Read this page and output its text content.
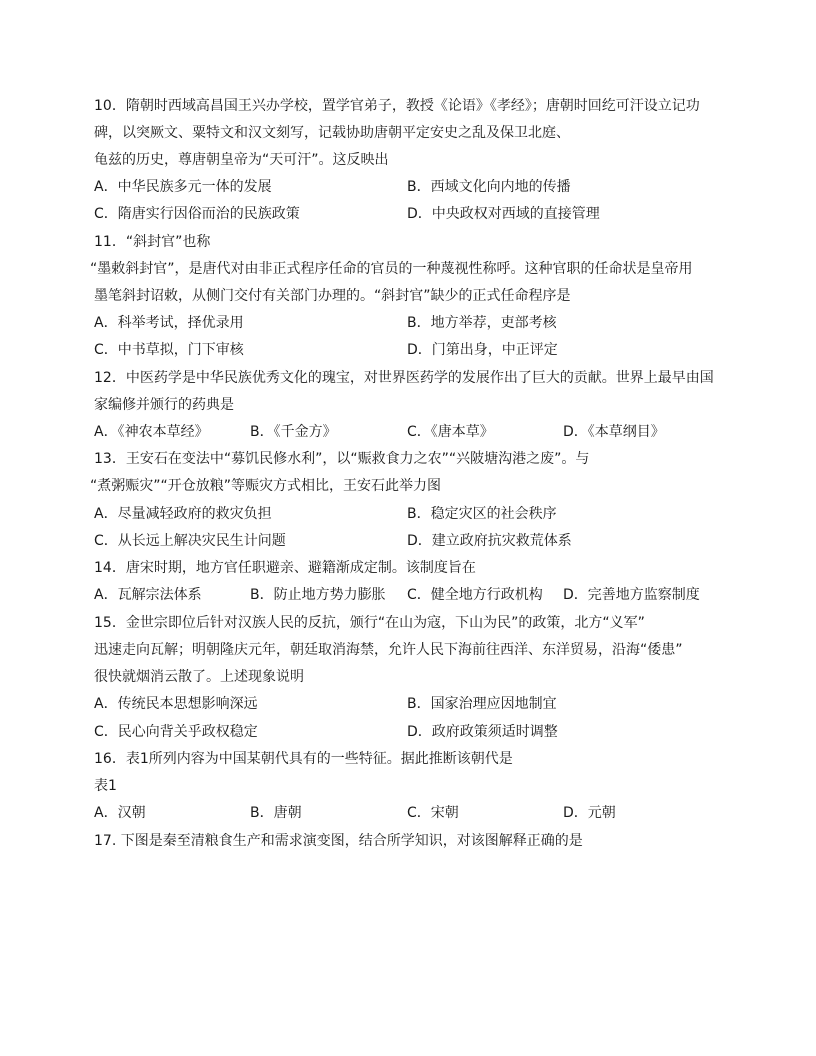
10．隋朝时西域高昌国王兴办学校，置学官弟子，教授《论语》《孝经》；唐朝时回纥可汗设立记功
碑，以突厥文、粟特文和汉文刻写，记载协助唐朝平定安史之乱及保卫北庭、
龟兹的历史，尊唐朝皇帝为“天可汗”。这反映出
A．中华民族多元一体的发展	B．西域文化向内地的传播
C．隋唐实行因俗而治的民族政策	D．中央政权对西域的直接管理
11．“斜封官”也称
“墨敕斜封官”，是唐代对由非正式程序任命的官员的一种蔑视性称呼。这种官职的任命状是皇帝用
墨笔斜封诏敕，从侧门交付有关部门办理的。“斜封官”缺少的正式任命程序是
A．科举考试，择优录用	B．地方举荐，吏部考核
C．中书草拟，门下审核	D．门第出身，中正评定
12．中医药学是中华民族优秀文化的瑰宝，对世界医药学的发展作出了巨大的贡献。世界上最早由国
家编修并颁行的药典是
A．《神农本草经》	B．《千金方》	C．《唐本草》	D．《本草纲目》
13．王安石在变法中“募饥民修水利”，以“赈救食力之农”“兴陂塘沟港之废”。与
“煮粥赈灾”“开仓放粮”等赈灾方式相比，王安石此举力图
A．尽量减轻政府的救灾负担	B．稳定灾区的社会秩序
C．从长远上解决灾民生计问题	D．建立政府抗灾救荒体系
14．唐宋时期，地方官任职避亲、避籍渐成定制。该制度旨在
A．瓦解宗法体系	B．防止地方势力膨胀 C．健全地方行政机构 D．完善地方监察制度
15．金世宗即位后针对汉族人民的反抗，颁行“在山为寇，下山为民”的政策，北方“义军”
迅速走向瓦解；明朝隆庆元年，朝廷取消海禁，允许人民下海前往西洋、东洋贸易，沿海“倭患”
很快就烟消云散了。上述现象说明
A．传统民本思想影响深远	B．国家治理应因地制宜
C．民心向背关乎政权稳定	D．政府政策须适时调整
16．表1所列内容为中国某朝代具有的一些特征。据此推断该朝代是
表1
A．汉朝	B．唐朝	C．宋朝	D．元朝
17. 下图是秦至清粮食生产和需求演变图，结合所学知识，对该图解释正确的是
